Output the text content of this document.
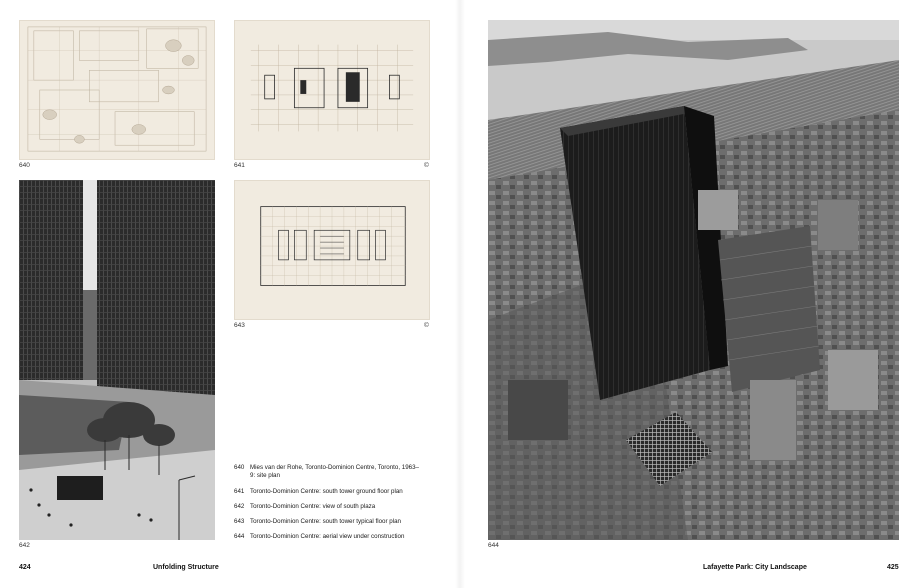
640	641	©
643	©
642
640 Mies van der Rohe, Toronto-Dominion Centre, Toronto, 1963–9: site plan
641 Toronto-Dominion Centre: south tower ground floor plan
642 Toronto-Dominion Centre: view of south plaza
643 Toronto-Dominion Centre: south tower typical floor plan
644 Toronto-Dominion Centre: aerial view under construction
424	Unfolding Structure
644
Lafayette Park: City Landscape	425
